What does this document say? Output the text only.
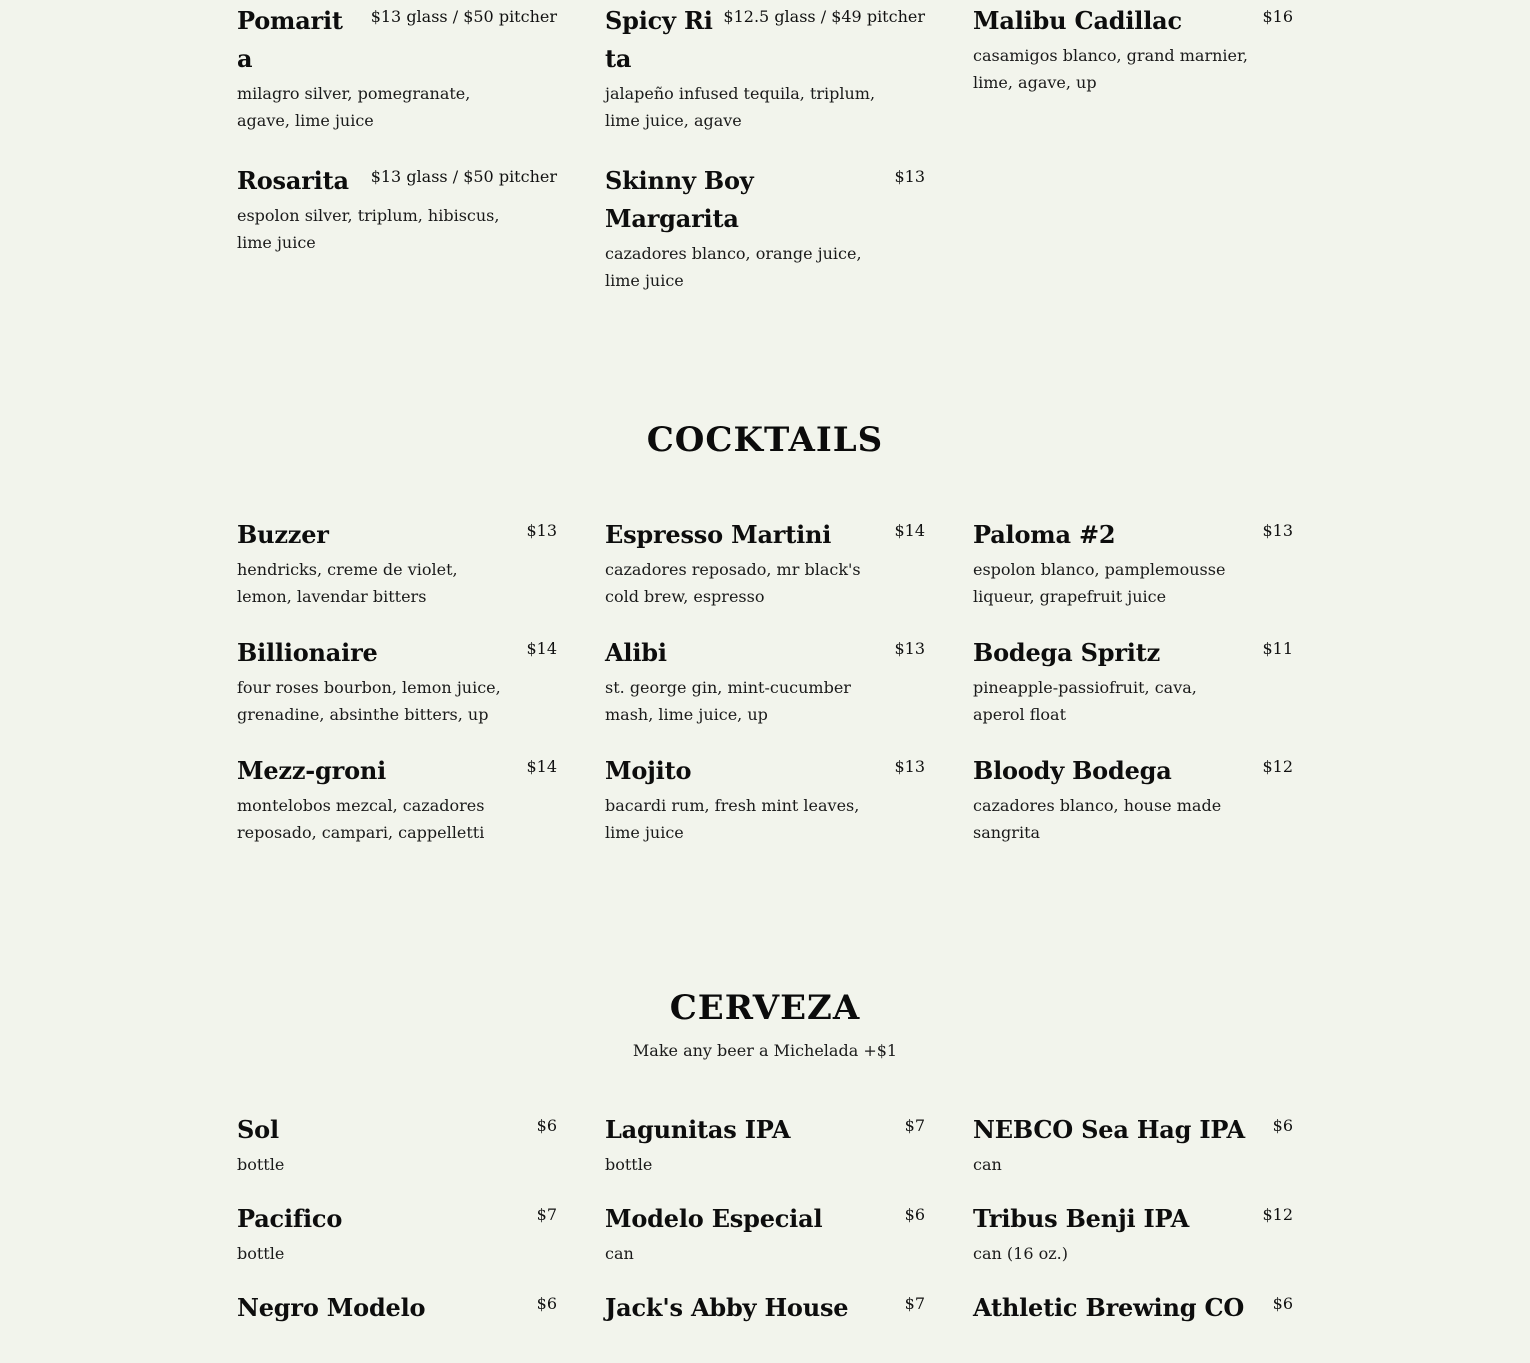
Pomarita
$13 glass / $50 pitcher
milagro silver, pomegranate, agave, lime juice
Rosarita	$13 glass / $50 pitcher
espolon silver, triplum, hibiscus, lime juice
Spicy Rita
$12.5 glass / $49 pitcher
jalapeño infused tequila, triplum, lime juice, agave
Skinny Boy Margarita
$13
cazadores blanco, orange juice, lime juice
Malibu Cadillac	$16
casamigos blanco, grand marnier, lime, agave, up
COCKTAILS
Buzzer	$13
hendricks, creme de violet, lemon, lavendar bitters
Espresso Martini	$14
cazadores reposado, mr black's cold brew, espresso
Paloma #2	$13
espolon blanco, pamplemousse liqueur, grapefruit juice
Billionaire	$14
four roses bourbon, lemon juice, grenadine, absinthe bitters, up
Alibi	$13
st. george gin, mint-cucumber mash, lime juice, up
Bodega Spritz	$11
pineapple-passiofruit, cava, aperol float
Mezz-groni	$14
montelobos mezcal, cazadores reposado, campari, cappelletti
Mojito	$13
bacardi rum, fresh mint leaves, lime juice
Bloody Bodega	$12
cazadores blanco, house made sangrita
CERVEZA
Make any beer a Michelada +$1
Sol	$6
bottle
Lagunitas IPA	$7
bottle
NEBCO Sea Hag IPA	$6
can
Pacifico	$7
bottle
Modelo Especial	$6
can
Tribus Benji IPA	$12
can (16 oz.)
Negro Modelo	$6 Jack's Abby House	$7 Athletic Brewing CO	$6
